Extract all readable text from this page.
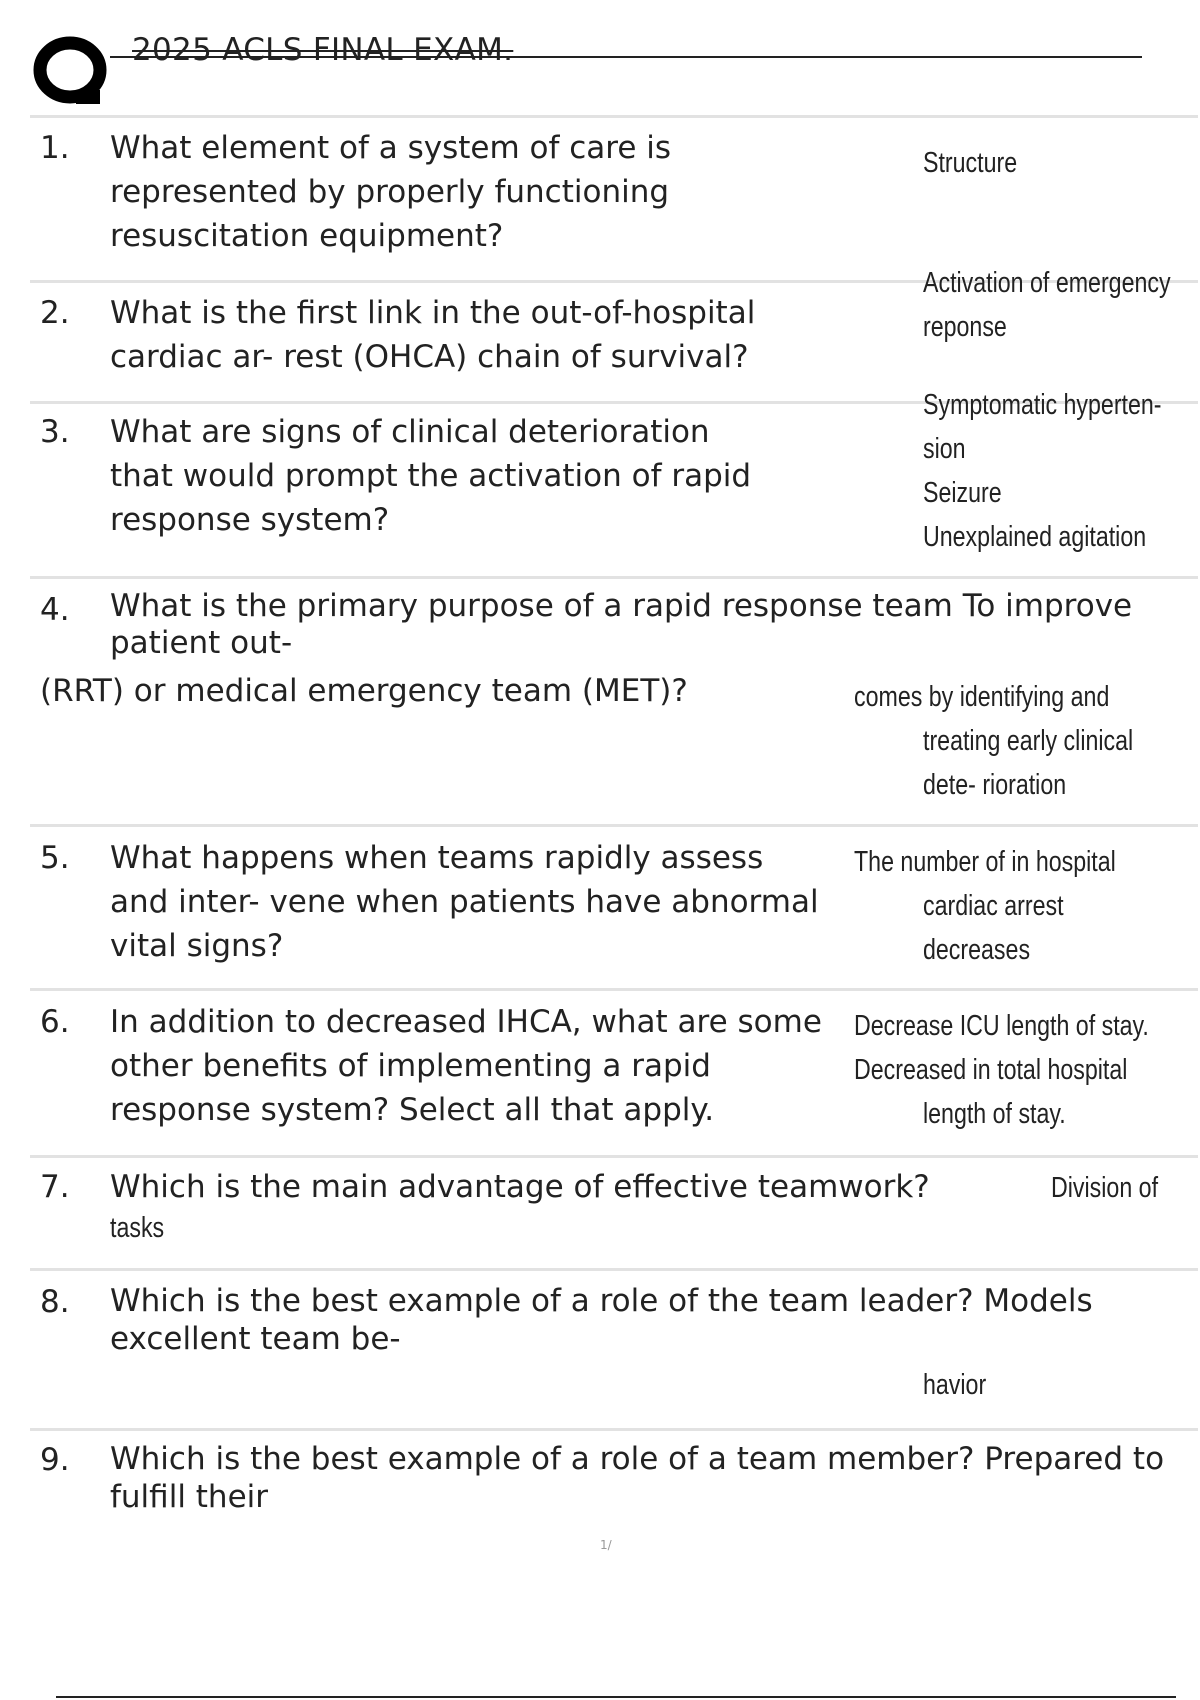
2025 ACLS FINAL EXAM.
1. What element of a system of care is
represented by properly functioning
resuscitation equipment?
Structure
2. What is the first link in the out-of-hospital
cardiac ar- rest (OHCA) chain of survival?
Activation of emergency
reponse
3. What are signs of clinical deterioration
that would prompt the activation of rapid
response system?
Symptomatic hyperten-
sion
Seizure
Unexplained agitation
4. What is the primary purpose of a rapid response team To improve
patient out-
(RRT) or medical emergency team (MET)?	comes by identifying and
treating early clinical
dete- rioration
5. What happens when teams rapidly assess
and inter- vene when patients have abnormal
vital signs?
The number of in hospital
cardiac arrest
decreases
6. In addition to decreased IHCA, what are some
other benefits of implementing a rapid
response system? Select all that apply.
Decrease ICU length of stay.
Decreased in total hospital
length of stay.
7. Which is the main advantage of effective teamwork?	Division of
tasks
8. Which is the best example of a role of the team leader? Models
excellent team be-
havior
9. Which is the best example of a role of a team member? Prepared to
fulfill their
1/
